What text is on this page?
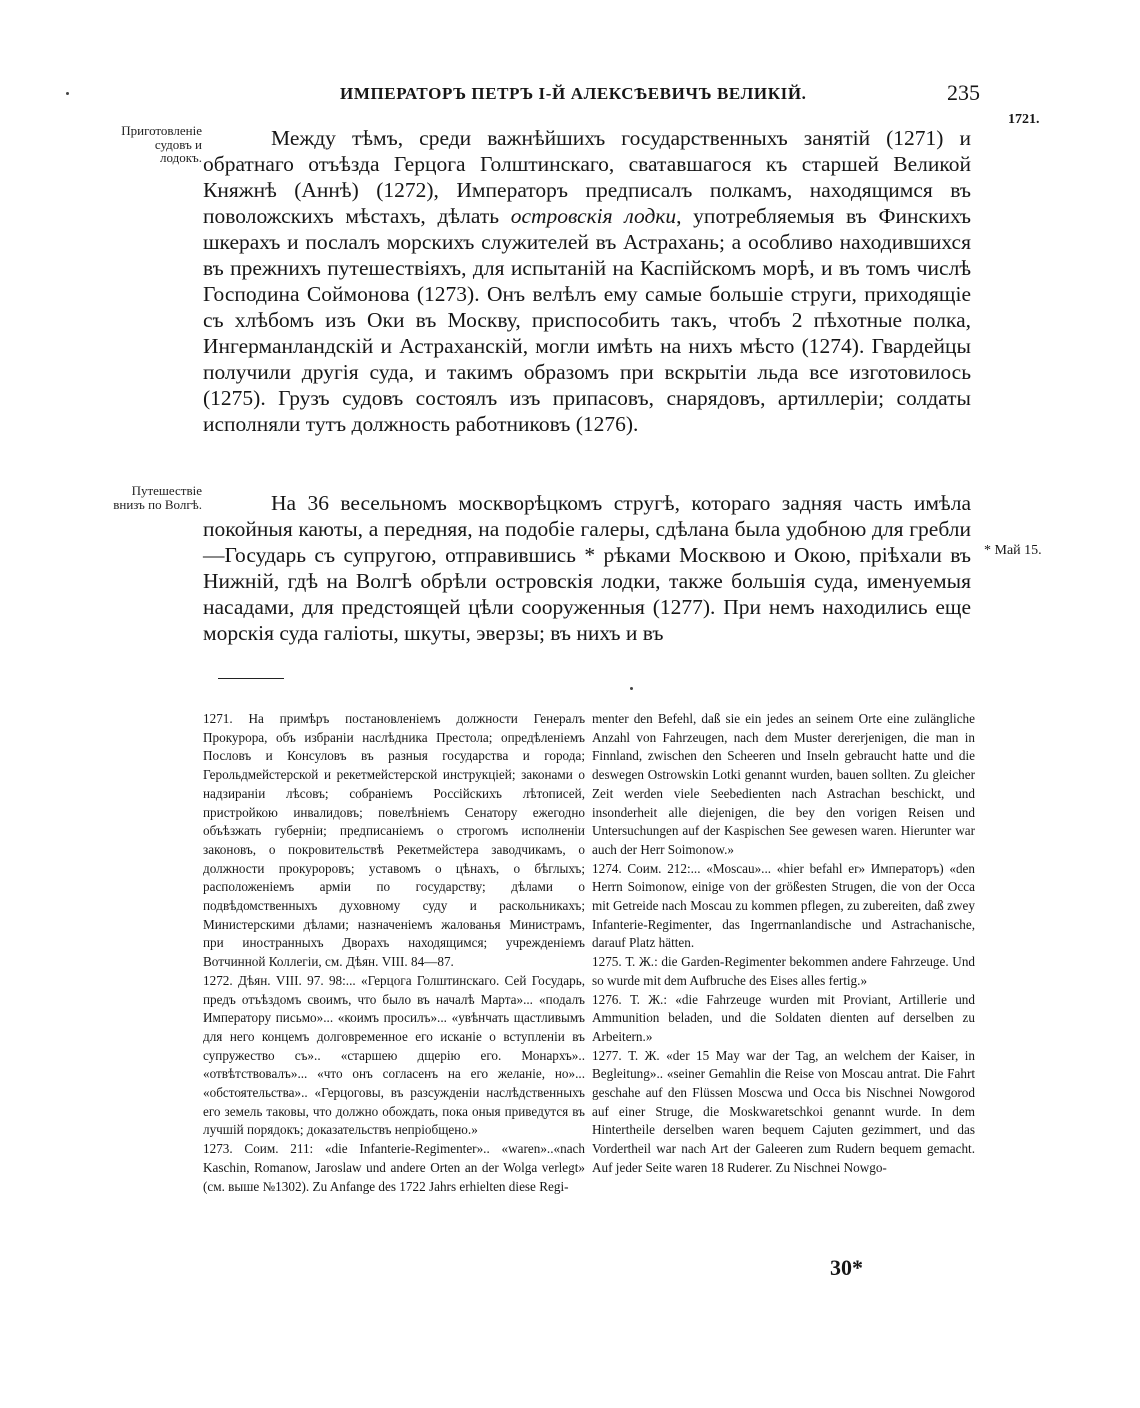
ИМПЕРАТОРЪ ПЕТРЪ I-Й АЛЕКСѢЕВИЧЪ ВЕЛИКІЙ.	235
1721.
Приготовленіе судовъ и лодокъ.
Путешествіе внизъ по Волгѣ.
* Май 15.
Между тѣмъ, среди важнѣйшихъ государственныхъ занятій (1271) и обратнаго отъѣзда Герцога Голштинскаго, сватавшагося къ старшей Великой Княжнѣ (Аннѣ) (1272), Императоръ предписалъ полкамъ, находящимся въ поволожскихъ мѣстахъ, дѣлать островскія лодки, употребляемыя въ Финскихъ шкерахъ и послалъ морскихъ служителей въ Астрахань; а особливо находившихся въ прежнихъ путешествіяхъ, для испытаній на Каспійскомъ морѣ, и въ томъ числѣ Господина Соймонова (1273). Онъ велѣлъ ему самые большіе струги, приходящіе съ хлѣбомъ изъ Оки въ Москву, приспособить такъ, чтобъ 2 пѣхотные полка, Ингерманландскій и Астраханскій, могли имѣть на нихъ мѣсто (1274). Гвардейцы получили другія суда, и такимъ образомъ при вскрытіи льда все изготовилось (1275). Грузъ судовъ состоялъ изъ припасовъ, снарядовъ, артиллеріи; солдаты исполняли тутъ должность работниковъ (1276).
На 36 весельномъ москворѣцкомъ стругѣ, котораго задняя часть имѣла покойныя каюты, а передняя, на подобіе галеры, сдѣлана была удобною для гребли—Государь съ супругою, отправившись * рѣками Москвою и Окою, пріѣхали въ Нижній, гдѣ на Волгѣ обрѣли островскія лодки, также большія суда, именуемыя насадами, для предстоящей цѣли сооруженныя (1277). При немъ находились еще морскія суда галіоты, шкуты, эверзы; въ нихъ и въ

1271. На примѣръ постановленіемъ должности Генералъ Прокурора, объ избраніи наслѣдника Престола; опредѣленіемъ Пословъ и Консуловъ въ разныя государства и города; Герольдмейстерской и рекетмейстерской инструкціей; законами о надзираніи лѣсовъ; собраніемъ Россійскихъ лѣтописей, пристройкою инвалидовъ; повелѣніемъ Сенатору ежегодно объѣзжать губерніи; предписаніемъ о строгомъ исполненіи законовъ, о покровительствѣ Рекетмейстера заводчикамъ, о должности прокуроровъ; уставомъ о цѣнахъ, о бѣглыхъ; расположеніемъ арміи по государству; дѣлами о подвѣдомственныхъ духовному суду и раскольникахъ; Министерскими дѣлами; назначеніемъ жалованья Министрамъ, при иностранныхъ Дворахъ находящимся; учрежденіемъ Вотчинной Коллегіи, см. Дѣян. VIII. 84—87.

1272. Дѣян. VIII. 97. 98:... «Герцога Голштинскаго. Сей Государь, предъ отъѣздомъ своимъ, что было въ началѣ Марта»... «подалъ Императору письмо»... «коимъ просилъ»... «увѣнчать щастливымъ для него концемъ долговременное его исканіе о вступленіи въ супружество съ».. «старшею дщерію его. Монархъ».. «отвѣтствовалъ»... «что онъ согласенъ на его желаніе, но»... «обстоятельства».. «Герцоговы, въ разсужденіи наслѣдственныхъ его земель таковы, что должно обождать, пока оныя приведутся въ лучшій порядокъ; доказательствъ непріобщено.»

1273. Соим. 211: «die Infanterie-Regimenter».. «waren»..«nach Kaschin, Romanow, Jaroslaw und andere Orten an der Wolga verlegt» (см. выше №1302). Zu Anfange des 1722 Jahrs erhielten diese Regi-

menter den Befehl, daß sie ein jedes an seinem Orte eine zulängliche Anzahl von Fahrzeugen, nach dem Muster dererjenigen, die man in Finnland, zwischen den Scheeren und Inseln gebraucht hatte und die deswegen Ostrowskin Lotki genannt wurden, bauen sollten. Zu gleicher Zeit werden viele Seebedienten nach Astrachan beschickt, und insonderheit alle diejenigen, die bey den vorigen Reisen und Untersuchungen auf der Kaspischen See gewesen waren. Hierunter war auch der Herr Soimonow.»

1274. Соим. 212:... «Moscau»... «hier befahl er» Императоръ) «den Herrn Soimonow, einige von der größesten Strugen, die von der Occa mit Getreide nach Moscau zu kommen pflegen, zu zubereiten, daß zwey Infanterie-Regimenter, das Ingerrnanlandische und Astrachanische, darauf Platz hätten.

1275. Т. Ж.: die Garden-Regimenter bekommen andere Fahrzeuge. Und so wurde mit dem Aufbruche des Eises alles fertig.»

1276. Т. Ж.: «die Fahrzeuge wurden mit Proviant, Artillerie und Ammunition beladen, und die Soldaten dienten auf derselben zu Arbeitern.»

1277. Т. Ж. «der 15 May war der Tag, an welchem der Kaiser, in Begleitung».. «seiner Gemahlin die Reise von Moscau antrat. Die Fahrt geschahe auf den Flüssen Moscwa und Occa bis Nischnei Nowgorod auf einer Struge, die Moskwaretschkoi genannt wurde. In dem Hintertheile derselben waren bequem Cajuten gezimmert, und das Vordertheil war nach Art der Galeeren zum Rudern bequem gemacht. Auf jeder Seite waren 18 Ruderer. Zu Nischnei Nowgo-

30*
